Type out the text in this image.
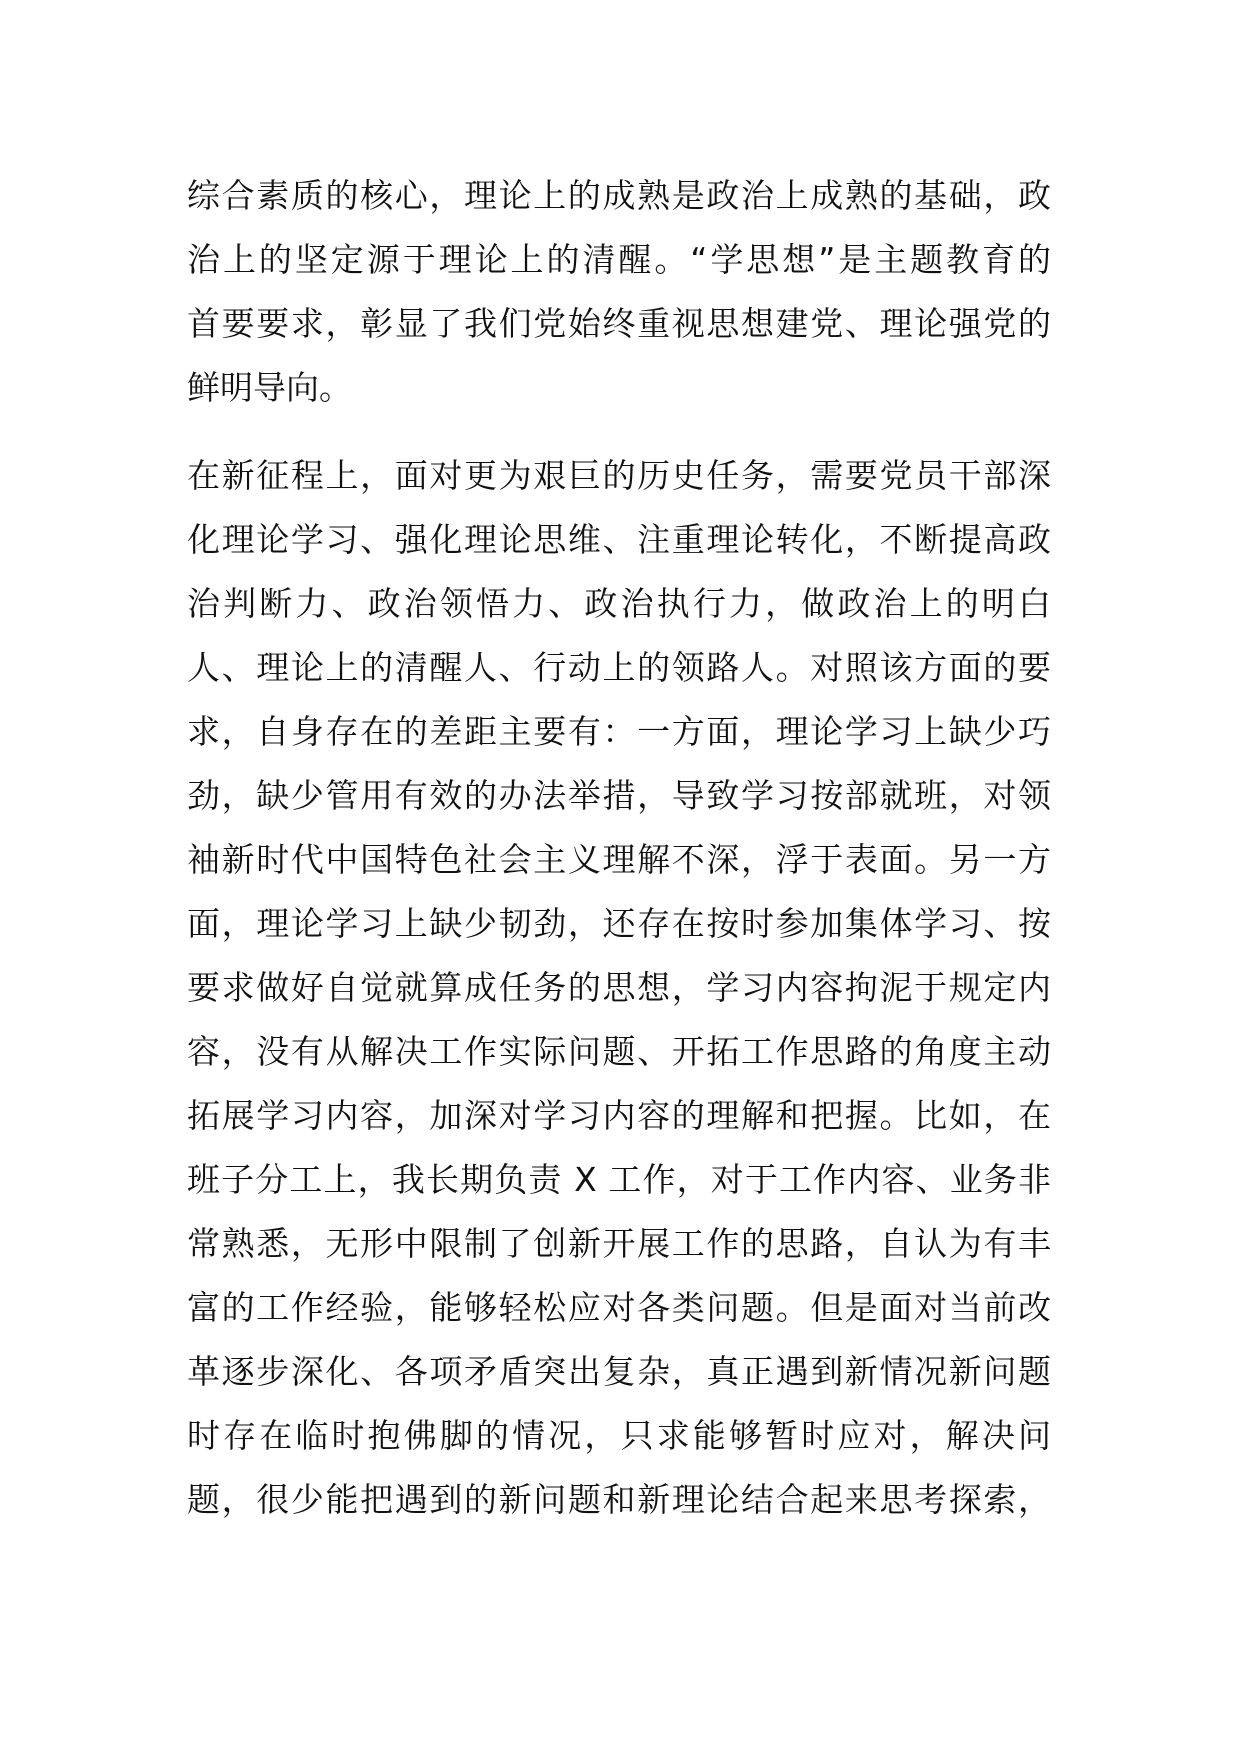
综合素质的核心，理论上的成熟是政治上成熟的基础，政
治上的坚定源于理论上的清醒。“学思想”是主题教育的
首要要求，彰显了我们党始终重视思想建党、理论强党的
鲜明导向。
在新征程上，面对更为艰巨的历史任务，需要党员干部深
化理论学习、强化理论思维、注重理论转化，不断提高政
治判断力、政治领悟力、政治执行力，做政治上的明白
人、理论上的清醒人、行动上的领路人。对照该方面的要
求，自身存在的差距主要有：一方面，理论学习上缺少巧
劲，缺少管用有效的办法举措，导致学习按部就班，对领
袖新时代中国特色社会主义理解不深，浮于表面。另一方
面，理论学习上缺少韧劲，还存在按时参加集体学习、按
要求做好自觉就算成任务的思想，学习内容拘泥于规定内
容，没有从解决工作实际问题、开拓工作思路的角度主动
拓展学习内容，加深对学习内容的理解和把握。比如，在
班子分工上，我长期负责 X 工作，对于工作内容、业务非
常熟悉，无形中限制了创新开展工作的思路，自认为有丰
富的工作经验，能够轻松应对各类问题。但是面对当前改
革逐步深化、各项矛盾突出复杂，真正遇到新情况新问题
时存在临时抱佛脚的情况，只求能够暂时应对，解决问
题，很少能把遇到的新问题和新理论结合起来思考探索，
